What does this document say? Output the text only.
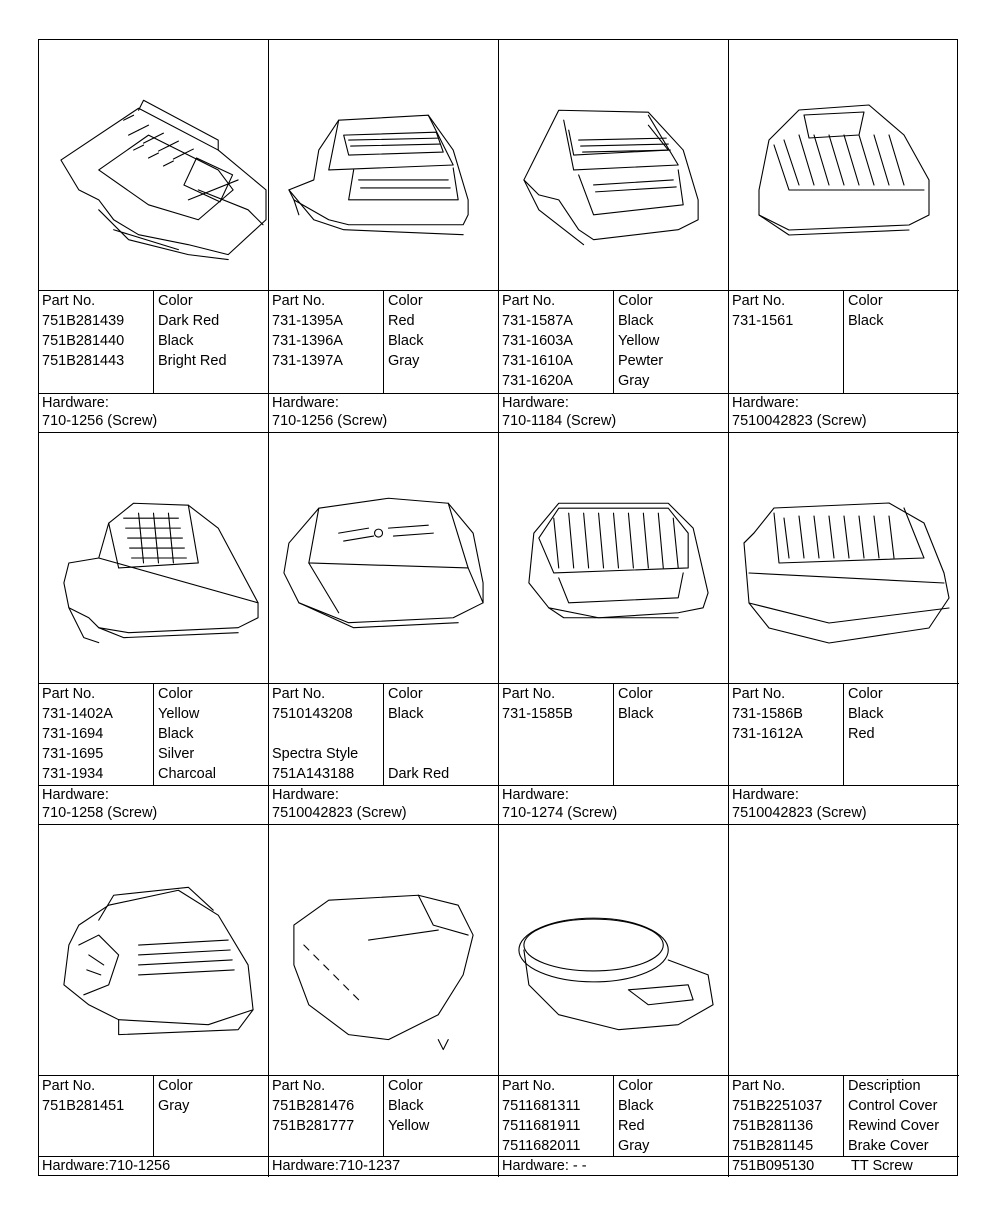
Part No.
751B281439
751B281440
751B281443
Color
Dark Red
Black
Bright Red
Hardware:
710-1256 (Screw)
Part No.
731-1395A
731-1396A
731-1397A
Color
Red
Black
Gray
Hardware:
710-1256 (Screw)
Part No.
731-1587A
731-1603A
731-1610A
731-1620A
Color
Black
Yellow
Pewter
Gray
Hardware:
710-1184 (Screw)
Part No.
731-1561
Color
Black
Hardware:
7510042823 (Screw)
Part No.
731-1402A
731-1694
731-1695
731-1934
Color
Yellow
Black
Silver
Charcoal
Hardware:
710-1258 (Screw)
Part No.
7510143208
Spectra Style
751A143188
Color
Black
Dark Red
Hardware:
7510042823 (Screw)
Part No.
731-1585B
Color
Black
Hardware:
710-1274 (Screw)
Part No.
731-1586B
731-1612A
Color
Black
Red
Hardware:
7510042823 (Screw)
Part No.
751B281451
Color
Gray
Hardware:710-1256
Part No.
751B281476
751B281777
Color
Black
Yellow
Hardware:710-1237
Part No.
7511681311
7511681911
7511682011
Color
Black
Red
Gray
Hardware: - -
Part No.
751B2251037
751B281136
751B281145
Description
Control Cover
Rewind Cover
Brake Cover
751B095130	TT Screw
